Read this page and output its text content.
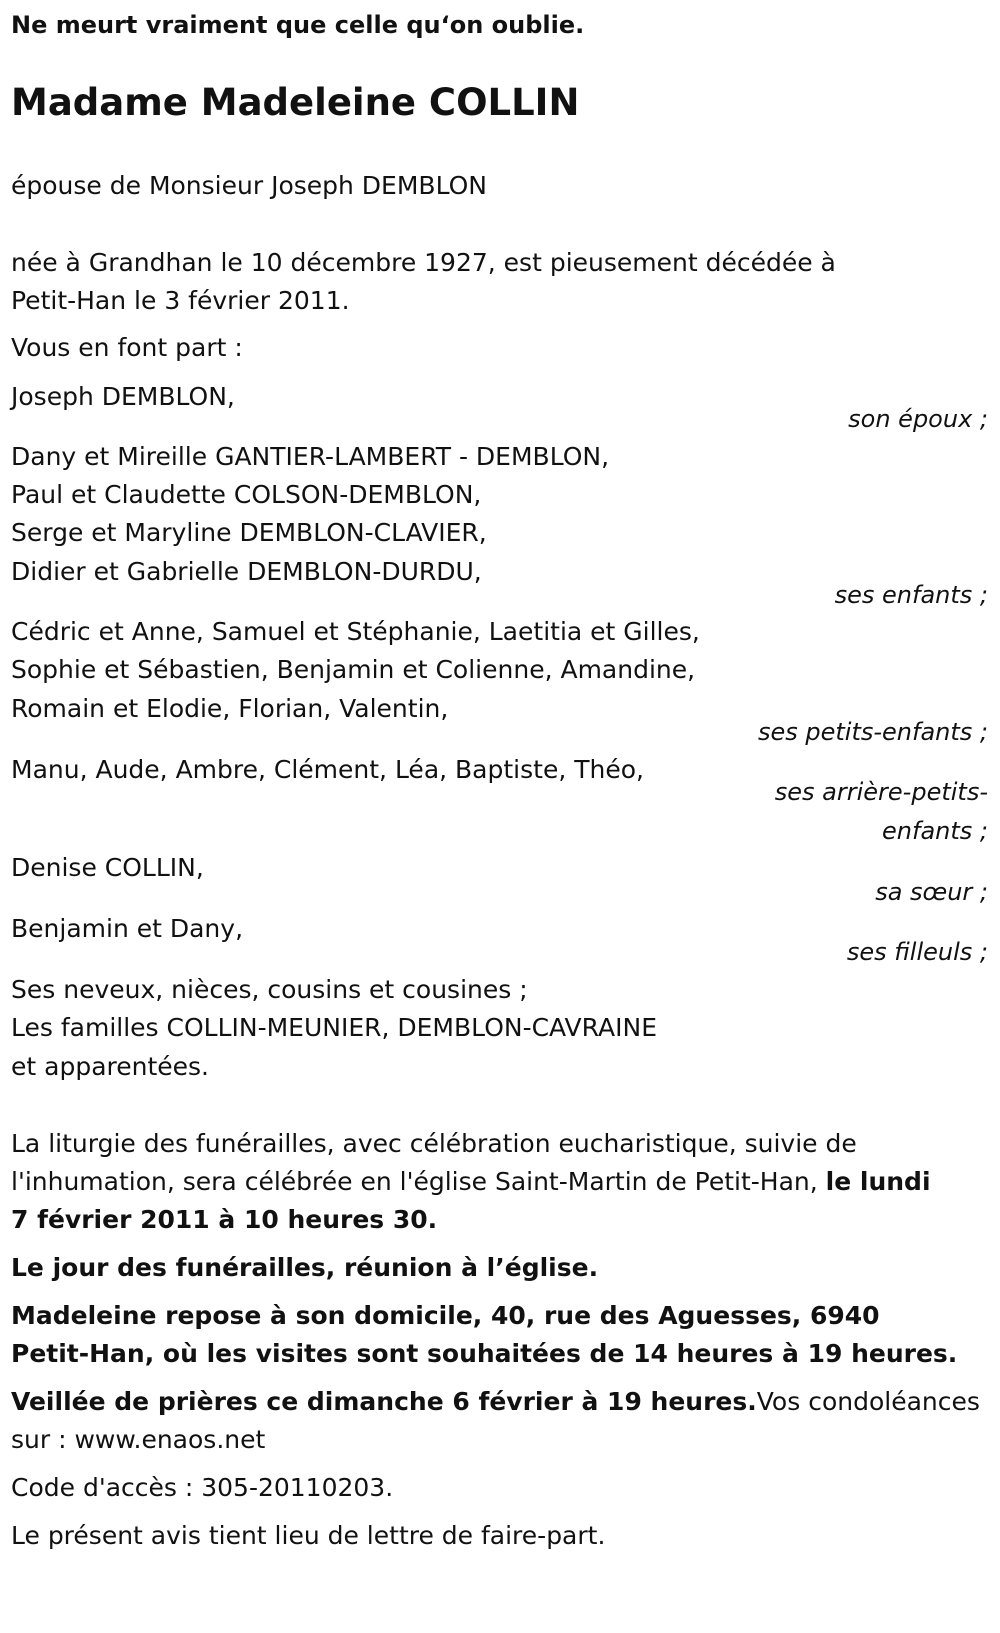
Ne meurt vraiment que celle qu‘on oublie.
Madame Madeleine COLLIN
épouse de Monsieur Joseph DEMBLON
née à Grandhan le 10 décembre 1927, est pieusement décédée à
Petit-Han le 3 février 2011.
Vous en font part :
Joseph DEMBLON,
son époux ;
Dany et Mireille GANTIER-LAMBERT - DEMBLON,
Paul et Claudette COLSON-DEMBLON,
Serge et Maryline DEMBLON-CLAVIER,
Didier et Gabrielle DEMBLON-DURDU,
ses enfants ;
Cédric et Anne, Samuel et Stéphanie, Laetitia et Gilles,
Sophie et Sébastien, Benjamin et Colienne, Amandine,
Romain et Elodie, Florian, Valentin,
ses petits-enfants ;
Manu, Aude, Ambre, Clément, Léa, Baptiste, Théo,
ses arrière-petits-
enfants ;
Denise COLLIN,
sa sœur ;
Benjamin et Dany,
ses filleuls ;
Ses neveux, nièces, cousins et cousines ;
Les familles COLLIN-MEUNIER, DEMBLON-CAVRAINE
et apparentées.
La liturgie des funérailles, avec célébration eucharistique, suivie de
l'inhumation, sera célébrée en l'église Saint-Martin de Petit-Han, le lundi
7 février 2011 à 10 heures 30.
Le jour des funérailles, réunion à l’église.
Madeleine repose à son domicile, 40, rue des Aguesses, 6940
Petit-Han, où les visites sont souhaitées de 14 heures à 19 heures.
Veillée de prières ce dimanche 6 février à 19 heures.Vos condoléances
sur : www.enaos.net
Code d'accès : 305-20110203.
Le présent avis tient lieu de lettre de faire-part.
